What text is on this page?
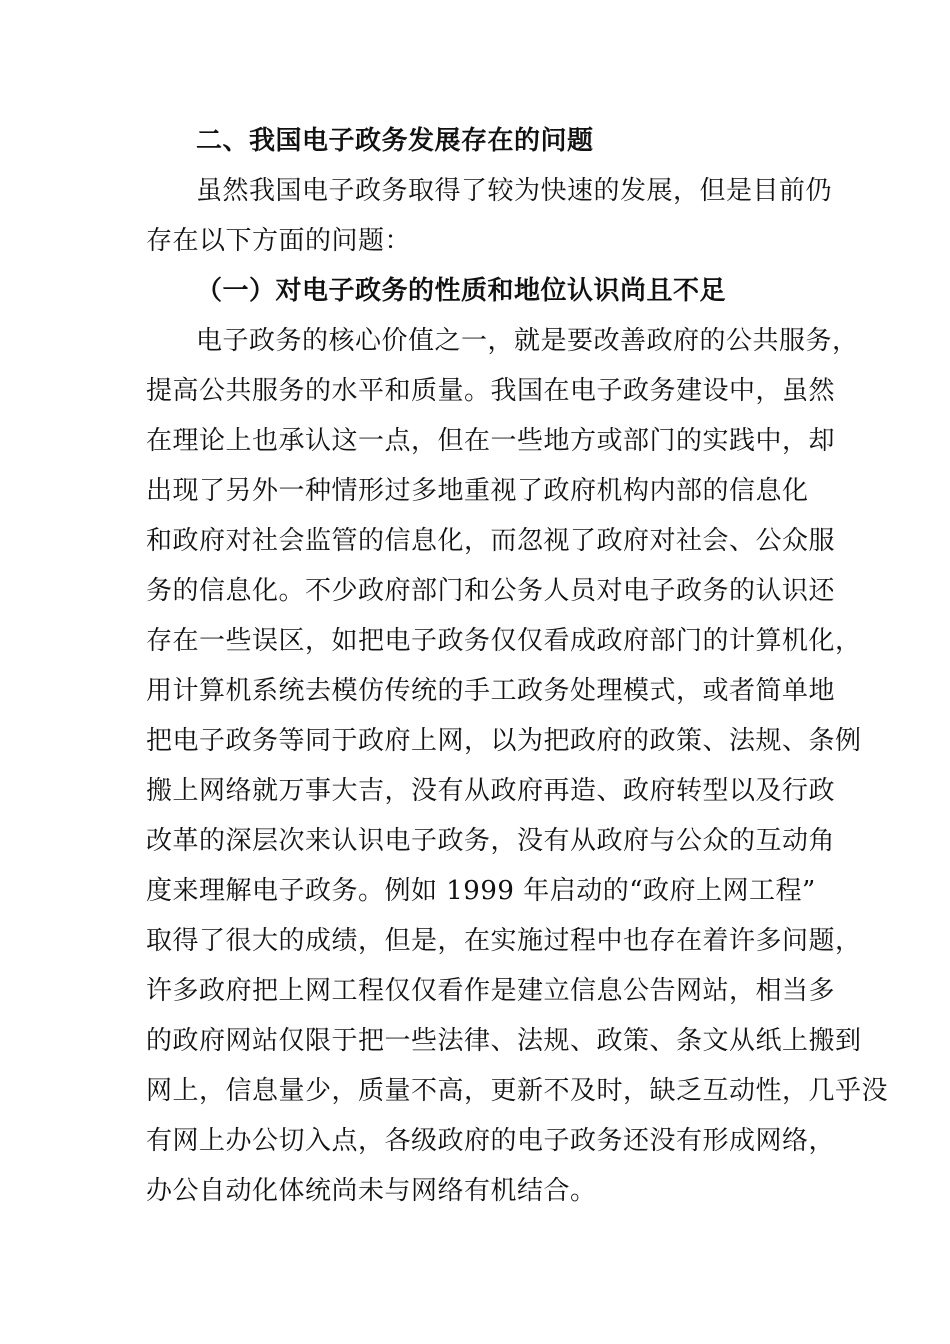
二、我国电子政务发展存在的问题
虽然我国电子政务取得了较为快速的发展，但是目前仍
存在以下方面的问题：
（一）对电子政务的性质和地位认识尚且不足
电子政务的核心价值之一，就是要改善政府的公共服务，
提高公共服务的水平和质量。我国在电子政务建设中，虽然
在理论上也承认这一点，但在一些地方或部门的实践中，却
出现了另外一种情形过多地重视了政府机构内部的信息化
和政府对社会监管的信息化，而忽视了政府对社会、公众服
务的信息化。不少政府部门和公务人员对电子政务的认识还
存在一些误区，如把电子政务仅仅看成政府部门的计算机化，
用计算机系统去模仿传统的手工政务处理模式，或者简单地
把电子政务等同于政府上网，以为把政府的政策、法规、条例
搬上网络就万事大吉，没有从政府再造、政府转型以及行政
改革的深层次来认识电子政务，没有从政府与公众的互动角
度来理解电子政务。例如 1999 年启动的“政府上网工程”
取得了很大的成绩，但是，在实施过程中也存在着许多问题，
许多政府把上网工程仅仅看作是建立信息公告网站，相当多
的政府网站仅限于把一些法律、法规、政策、条文从纸上搬到
网上，信息量少，质量不高，更新不及时，缺乏互动性，几乎没
有网上办公切入点，各级政府的电子政务还没有形成网络，
办公自动化体统尚未与网络有机结合。
